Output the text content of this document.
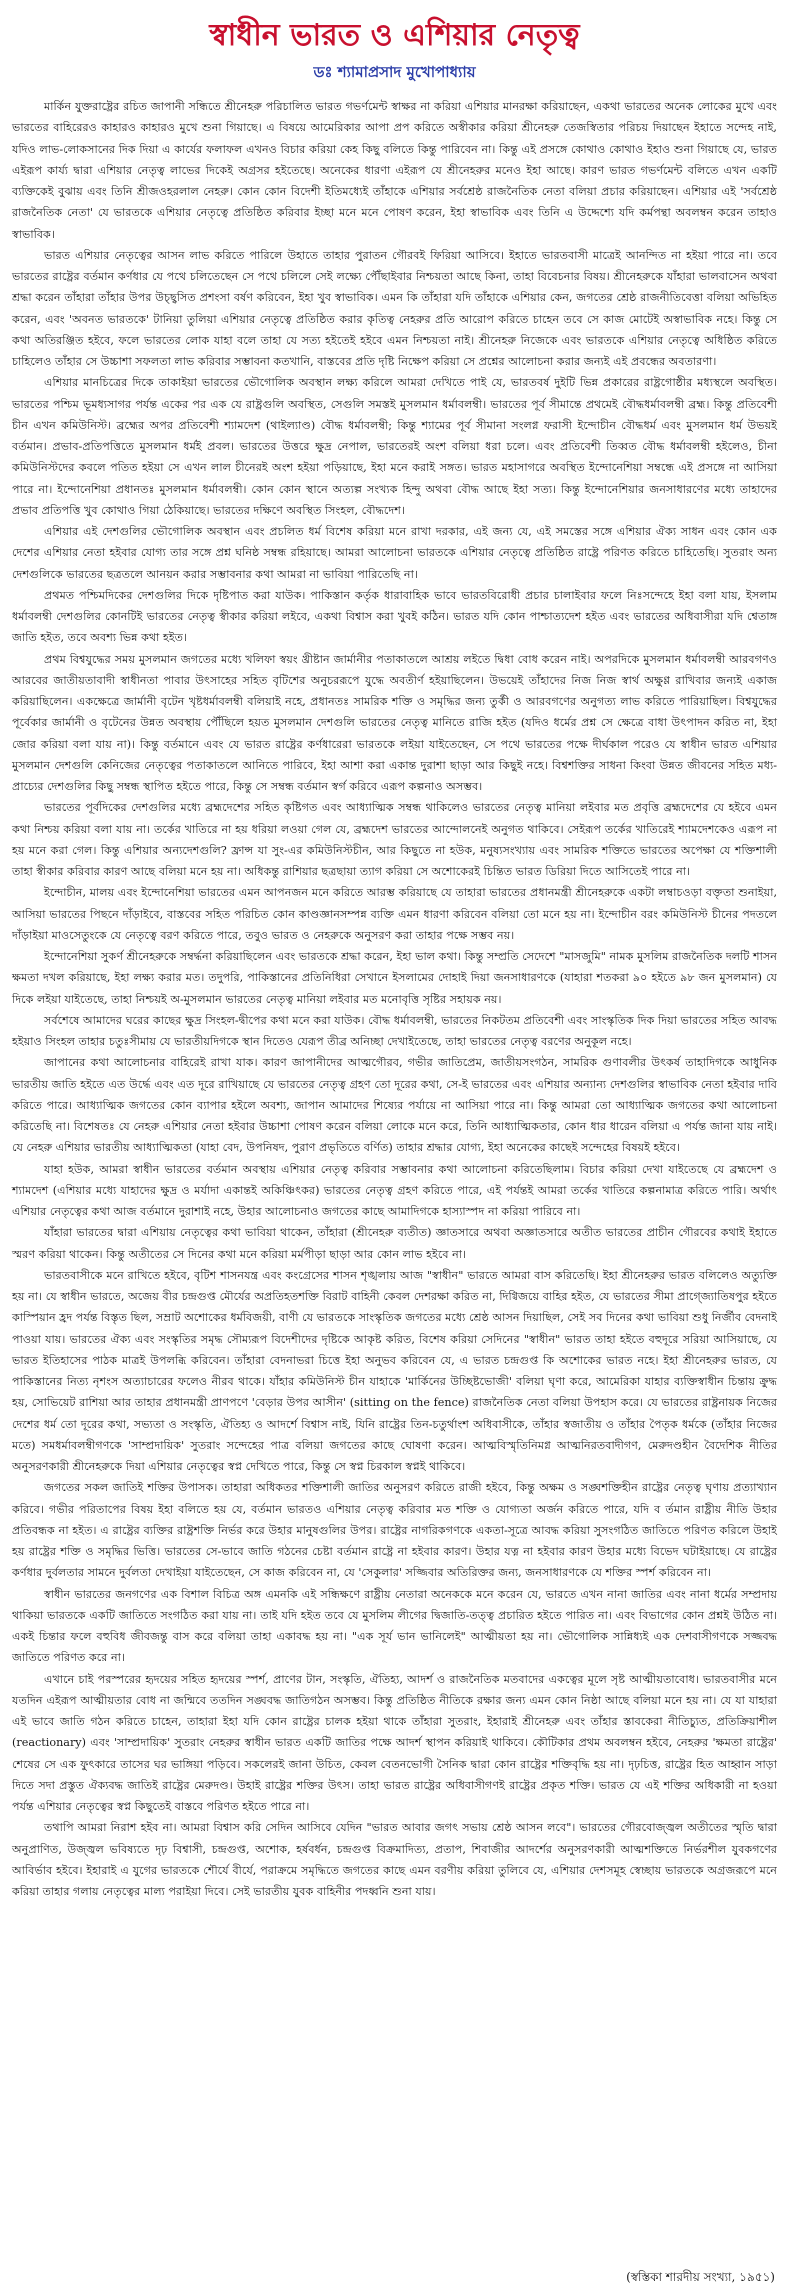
স্বাধীন ভারত ও এশিয়ার নেতৃত্ব
ডঃ শ্যামাপ্রসাদ মুখোপাধ্যায়

মার্কিন যুক্তরাষ্ট্রের রচিত জাপানী সন্ধিতে শ্রীনেহরু পরিচালিত ভারত গভর্ণমেন্ট স্বাক্ষর না করিয়া এশিয়ার মানরক্ষা করিয়াছেন, একথা ভারতের অনেক লোকের মুখে এবং ভারতের বাহিরেরও কাহারও কাহারও মুখে শুনা গিয়াছে। এ বিষয়ে আমেরিকার আপা প্রপ করিতে অস্বীকার করিয়া শ্রীনেহরু তেজস্বিতার পরিচয় দিয়াছেন ইহাতে সন্দেহ নাই, যদিও লাভ-লোকসানের দিক দিয়া এ কার্যের ফলাফল এখনও বিচার করিয়া কেহ কিছু বলিতে কিন্তু পারিবেন না। কিন্তু এই প্রসঙ্গে কোথাও কোথাও ইহাও শুনা গিয়াছে যে, ভারত এইরূপ কার্য্য দ্বারা এশিয়ার নেতৃত্ব লাভের দিকেই অগ্রসর হইতেছে। অনেকের ধারণা এইরূপ যে শ্রীনেহরুর মনেও ইহা আছে। কারণ ভারত গভর্ণমেন্ট বলিতে এখন একটি ব্যক্তিকেই বুঝায় এবং তিনি শ্রীজওহরলাল নেহরু। কোন কোন বিদেশী ইতিমধ্যেই তাঁহাকে এশিয়ার সর্বশ্রেষ্ঠ রাজনৈতিক নেতা বলিয়া প্রচার করিয়াছেন। এশিয়ার এই 'সর্বশ্রেষ্ঠ রাজনৈতিক নেতা' যে ভারতকে এশিয়ার নেতৃত্বে প্রতিষ্ঠিত করিবার ইচ্ছা মনে মনে পোষণ করেন, ইহা স্বাভাবিক এবং তিনি এ উদ্দেশ্যে যদি কর্মপন্থা অবলম্বন করেন তাহাও স্বাভাবিক।

ভারত এশিয়ার নেতৃত্বের আসন লাভ করিতে পারিলে উহাতে তাহার পুরাতন গৌরবই ফিরিয়া আসিবে। ইহাতে ভারতবাসী মাত্রেই আনন্দিত না হইয়া পারে না। তবে ভারতের রাষ্ট্রের বর্তমান কর্ণধার যে পথে চলিতেছেন সে পথে চলিলে সেই লক্ষ্যে পৌঁছাইবার নিশ্চয়তা আছে কিনা, তাহা বিবেচনার বিষয়। শ্রীনেহরুকে যাঁহারা ভালবাসেন অথবা শ্রদ্ধা করেন তাঁহারা তাঁহার উপর উচ্ছ্বসিত প্রশংসা বর্ষণ করিবেন, ইহা খুব স্বাভাবিক। এমন কি তাঁহারা যদি তাঁহাকে এশিয়ার কেন, জগতের শ্রেষ্ঠ রাজনীতিবেত্তা বলিয়া অভিহিত করেন, এবং 'অবনত ভারতকে' টানিয়া তুলিয়া এশিয়ার নেতৃত্বে প্রতিষ্ঠিত করার কৃতিত্ব নেহরুর প্রতি আরোপ করিতে চাহেন তবে সে কাজ মোটেই অস্বাভাবিক নহে। কিন্তু সে কথা অতিরঞ্জিত হইবে, ফলে ভারতের লোক যাহা বলে তাহা যে সত্য হইতেই হইবে এমন নিশ্চয়তা নাই। শ্রীনেহরু নিজেকে এবং ভারতকে এশিয়ার নেতৃত্বে অধিষ্ঠিত করিতে চাহিলেও তাঁহার সে উচ্চাশা সফলতা লাভ করিবার সম্ভাবনা কতখানি, বাস্তবের প্রতি দৃষ্টি নিক্ষেপ করিয়া সে প্রশ্নের আলোচনা করার জন্যই এই প্রবন্ধের অবতারণা।

এশিয়ার মানচিত্রের দিকে তাকাইয়া ভারতের ভৌগোলিক অবস্থান লক্ষ্য করিলে আমরা দেখিতে পাই যে, ভারতবর্ষ দুইটি ভিন্ন প্রকারের রাষ্ট্রগোষ্ঠীর মধ্যস্থলে অবস্থিত। ভারতের পশ্চিম ভূমধ্যসাগর পর্যন্ত একের পর এক যে রাষ্ট্রগুলি অবস্থিত, সেগুলি সমস্তই মুসলমান ধর্মাবলম্বী। ভারতের পূর্ব সীমান্তে প্রথমেই বৌদ্ধধর্মাবলম্বী ব্রহ্ম। কিন্তু প্রতিবেশী চীন এখন কমিউনিস্ট। ব্রহ্মের অপর প্রতিবেশী শ্যামদেশ (থাইল্যাণ্ড) বৌদ্ধ ধর্মাবলম্বী; কিন্তু শ্যামের পূর্ব সীমানা সংলগ্ন ফরাসী ইন্দোচীন বৌদ্ধধর্ম এবং মুসলমান ধর্ম উভয়ই বর্তমান। প্রভাব-প্রতিপত্তিতে মুসলমান ধর্মই প্রবল। ভারতের উত্তরে ক্ষুদ্র নেপাল, ভারতেরই অংশ বলিয়া ধরা চলে। এবং প্রতিবেশী তিব্বত বৌদ্ধ ধর্মাবলম্বী হইলেও, চীনা কমিউনিস্টদের কবলে পতিত হইয়া সে এখন লাল চীনেরই অংশ হইয়া পড়িয়াছে, ইহা মনে করাই সঙ্গত। ভারত মহাসাগরে অবস্থিত ইন্দোনেশিয়া সম্বন্ধে এই প্রসঙ্গে না আসিয়া পারে না। ইন্দোনেশিয়া প্রধানতঃ মুসলমান ধর্মাবলম্বী। কোন কোন স্থানে অত্যল্প সংখ্যক হিন্দু অথবা বৌদ্ধ আছে ইহা সত্য। কিন্তু ইন্দোনেশিয়ার জনসাধারণের মধ্যে তাহাদের প্রভাব প্রতিপত্তি খুব কোথাও গিয়া ঠেকিয়াছে। ভারতের দক্ষিণে অবস্থিত সিংহল, বৌদ্ধদেশ।

এশিয়ার এই দেশগুলির ভৌগোলিক অবস্থান এবং প্রচলিত ধর্ম বিশেষ করিয়া মনে রাখা দরকার, এই জন্য যে, এই সমস্তের সঙ্গে এশিয়ার ঐক্য সাধন এবং কোন এক দেশের এশিয়ার নেতা হইবার যোগ্য তার সঙ্গে প্রশ্ন ঘনিষ্ঠ সম্বন্ধ রহিয়াছে। আমরা আলোচনা ভারতকে এশিয়ার নেতৃত্বে প্রতিষ্ঠিত রাষ্ট্রে পরিণত করিতে চাহিতেছি। সুতরাং অন্য দেশগুলিকে ভারতের ছত্রতলে আনয়ন করার সম্ভাবনার কথা আমরা না ভাবিয়া পারিতেছি না।

প্রথমত পশ্চিমদিকের দেশগুলির দিকে দৃষ্টিপাত করা যাউক। পাকিস্তান কর্তৃক ধারাবাহিক ভাবে ভারতবিরোধী প্রচার চালাইবার ফলে নিঃসন্দেহে ইহা বলা যায়, ইসলাম ধর্মাবলম্বী দেশগুলির কোনটিই ভারতের নেতৃত্ব স্বীকার করিয়া লইবে, একথা বিশ্বাস করা খুবই কঠিন। ভারত যদি কোন পাশ্চাত্যদেশ হইত এবং ভারতের অধিবাসীরা যদি শ্বেতাঙ্গ জাতি হইত, তবে অবশ্য ভিন্ন কথা হইত।

প্রথম বিশ্বযুদ্ধের সময় মুসলমান জগতের মধ্যে খলিফা স্বয়ং খ্রীষ্টান জার্মানীর পতাকাতলে আশ্রয় লইতে দ্বিধা বোধ করেন নাই। অপরদিকে মুসলমান ধর্মাবলম্বী আরবগণও আরবের জাতীয়তাবাদী স্বাধীনতা পাবার উৎসাহের সহিত বৃটিশের অনুচররূপে যুদ্ধে অবতীর্ণ হইয়াছিলেন। উভয়েই তাঁহাদের নিজ নিজ স্বার্থ অক্ষুণ্ণ রাখিবার জন্যই একাজ করিয়াছিলেন। একক্ষেত্রে জার্মানী বৃটেন খৃষ্টধর্মাবলম্বী বলিয়াই নহে, প্রধানতঃ সামরিক শক্তি ও সমৃদ্ধির জন্য তুর্কী ও আরবগণের অনুগত্য লাভ করিতে পারিয়াছিল। বিশ্বযুদ্ধের পূর্বেকার জার্মানী ও বৃটেনের উন্নত অবস্থায় পৌঁছিলে হয়ত মুসলমান দেশগুলি ভারতের নেতৃত্ব মানিতে রাজি হইত (যদিও ধর্মের প্রশ্ন সে ক্ষেত্রে বাধা উৎপাদন করিত না, ইহা জোর করিয়া বলা যায় না)। কিন্তু বর্তমানে এবং যে ভারত রাষ্ট্রের কর্ণধারেরা ভারতকে লইয়া যাইতেছেন, সে পথে ভারতের পক্ষে দীর্ঘকাল পরেও যে স্বাধীন ভারত এশিয়ার মুসলমান দেশগুলি কেনিজের নেতৃত্বের পতাকাতলে আনিতে পারিবে, ইহা আশা করা একান্ত দুরাশা ছাড়া আর কিছুই নহে। বিশ্বশক্তির সাধনা কিংবা উন্নত জীবনের সহিত মধ্য-প্রাচ্যের দেশগুলির কিছু সম্বন্ধ স্থাপিত হইতে পারে, কিন্তু সে সম্বন্ধ বর্তমান স্বর্গ করিবে এরূপ কল্পনাও অসম্ভব।

ভারতের পূর্বদিকের দেশগুলির মধ্যে ব্রহ্মদেশের সহিত কৃষ্টিগত এবং আধ্যাত্মিক সম্বন্ধ থাকিলেও ভারতের নেতৃত্ব মানিয়া লইবার মত প্রবৃত্তি ব্রহ্মদেশের যে হইবে এমন কথা নিশ্চয় করিয়া বলা যায় না। তর্কের খাতিরে না হয় ধরিয়া লওয়া গেল যে, ব্রহ্মদেশ ভারতের আন্দোলনেই অনুগত থাকিবে। সেইরূপ তর্কের খাতিরেই শ্যামদেশকেও এরূপ না হয় মনে করা গেল। কিন্তু এশিয়ার অন্যদেশগুলি? ফ্রান্স যা সুং-এর কমিউনিস্টচীন, আর কিছুতে না হউক, মনুষ্যসংখ্যায় এবং সামরিক শক্তিতে ভারতের অপেক্ষা যে শক্তিশালী তাহা স্বীকার করিবার কারণ আছে বলিয়া মনে হয় না। অধিকন্তু রাশিয়ার ছত্রছায়া ত্যাগ করিয়া সে অশোকেরই চিন্তিত ভারত ডিরিয়া দিতে আসিতেই পারে না।

ইন্দোচীন, মালয় এবং ইন্দোনেশিয়া ভারতের এমন আপনজন মনে করিতে আরম্ভ করিয়াছে যে তাহারা ভারতের প্রধানমন্ত্রী শ্রীনেহরুকে একটা লম্বাচওড়া বক্তৃতা শুনাইয়া, আসিয়া ভারতের পিছনে দাঁড়াইবে, বাস্তবের সহিত পরিচিত কোন কাণ্ডজ্ঞানসম্পন্ন ব্যক্তি এমন ধারণা করিবেন বলিয়া তো মনে হয় না। ইন্দোচীন বরং কমিউনিস্ট চীনের পদতলে দাঁড়াইয়া মাওসেতুংকে যে নেতৃত্বে বরণ করিতে পারে, তবুও ভারত ও নেহরুকে অনুসরণ করা তাহার পক্ষে সম্ভব নয়।

ইন্দোনেশিয়া সুকর্ণ শ্রীনেহরুকে সম্বর্দ্ধনা করিয়াছিলেন এবং ভারতকে শ্রদ্ধা করেন, ইহা ভাল কথা। কিন্তু সম্প্রতি সেদেশে "মাসজুমি" নামক মুসলিম রাজনৈতিক দলটি শাসন ক্ষমতা দখল করিয়াছে, ইহা লক্ষ্য করার মত। তদুপরি, পাকিস্তানের প্রতিনিধিরা সেখানে ইসলামের দোহাই দিয়া জনসাধারণকে (যাহারা শতকরা ৯০ হইতে ৯৮ জন মুসলমান) যে দিকে লইয়া যাইতেছে, তাহা নিশ্চয়ই অ-মুসলমান ভারতের নেতৃত্ব মানিয়া লইবার মত মনোবৃত্তি সৃষ্টির সহায়ক নয়।

সর্বশেষে আমাদের ঘরের কাছের ক্ষুদ্র সিংহল-দ্বীপের কথা মনে করা যাউক। বৌদ্ধ ধর্মাবলম্বী, ভারতের নিকটতম প্রতিবেশী এবং সাংস্কৃতিক দিক দিয়া ভারতের সহিত আবদ্ধ হইয়াও সিংহল তাহার চতুঃসীমায় যে ভারতীয়দিগকে স্থান দিতেও যেরূপ তীব্র অনিচ্ছা দেখাইতেছে, তাহা ভারতের নেতৃত্ব বরণের অনুকূল নহে।

জাপানের কথা আলোচনার বাহিরেই রাখা যাক। কারণ জাপানীদের আত্মগৌরব, গভীর জাতিপ্রেম, জাতীয়সংগঠন, সামরিক গুণাবলীর উৎকর্ষ তাহাদিগকে আধুনিক ভারতীয় জাতি হইতে এত উর্দ্ধে এবং এত দূরে রাখিয়াছে যে ভারতের নেতৃত্ব গ্রহণ তো দূরের কথা, সে-ই ভারতের এবং এশিয়ার অন্যান্য দেশগুলির স্বাভাবিক নেতা হইবার দাবি করিতে পারে। আধ্যাত্মিক জগতের কোন ব্যাপার হইলে অবশ্য, জাপান আমাদের শিষ্যের পর্যায়ে না আসিয়া পারে না। কিন্তু আমরা তো আধ্যাত্মিক জগতের কথা আলোচনা করিতেছি না। বিশেষতঃ যে নেহরু এশিয়ার নেতা হইবার উচ্চাশা পোষণ করেন বলিয়া লোকে মনে করে, তিনি আধ্যাত্মিকতার, কোন ধার ধারেন বলিয়া এ পর্যন্ত জানা যায় নাই। যে নেহরু এশিয়ার ভারতীয় আধ্যাত্মিকতা (যাহা বেদ, উপনিষদ, পুরাণ প্রভৃতিতে বর্ণিত) তাহার শ্রদ্ধার যোগ্য, ইহা অনেকের কাছেই সন্দেহের বিষয়ই হইবে।

যাহা হউক, আমরা স্বাধীন ভারতের বর্তমান অবস্থায় এশিয়ার নেতৃত্ব করিবার সম্ভাবনার কথা আলোচনা করিতেছিলাম। বিচার করিয়া দেখা যাইতেছে যে ব্রহ্মদেশ ও শ্যামদেশ (এশিয়ার মধ্যে যাহাদের ক্ষুদ্র ও মর্যাদা একান্তই অকিঞ্চিৎকর) ভারতের নেতৃত্ব গ্রহণ করিতে পারে, এই পর্যন্তই আমরা তর্কের খাতিরে কল্পনামাত্র করিতে পারি। অর্থাৎ এশিয়ার নেতৃত্বের কথা আজ বর্তমানে দুরাশাই নহে, উহার আলোচনাও জগতের কাছে আমাদিগকে হাস্যাস্পদ না করিয়া পারিবে না।

যাঁহারা ভারতের দ্বারা এশিয়ায় নেতৃত্বের কথা ভাবিয়া থাকেন, তাঁহারা (শ্রীনেহরু ব্যতীত) জ্ঞাতসারে অথবা অজ্ঞাতসারে অতীত ভারতের প্রাচীন গৌরবের কথাই ইহাতে স্মরণ করিয়া থাকেন। কিন্তু অতীতের সে দিনের কথা মনে করিয়া মর্মপীড়া ছাড়া আর কোন লাভ হইবে না।

ভারতবাসীকে মনে রাখিতে হইবে, বৃটিশ শাসনযন্ত্র এবং কংগ্রেসের শাসন শৃঙ্খলায় আজ "স্বাধীন" ভারতে আমরা বাস করিতেছি। ইহা শ্রীনেহরুর ভারত বলিলেও অত্যুক্তি হয় না। যে স্বাধীন ভারতে, অজেয় বীর চন্দ্রগুপ্ত মৌর্যের অপ্রতিহতশক্তি বিরাট বাহিনী কেবল দেশরক্ষা করিত না, দিগ্বিজয়ে বাহির হইত, যে ভারতের সীমা প্রাগ্জ্যোতিষপুর হইতে কাস্পিয়ান হ্রদ পর্যন্ত বিস্তৃত ছিল, সম্রাট অশোকের ধর্মবিজয়ী, বাণী যে ভারতকে সাংস্কৃতিক জগতের মধ্যে শ্রেষ্ঠ আসন দিয়াছিল, সেই সব দিনের কথা ভাবিয়া শুধু নির্জীব বেদনাই পাওয়া যায়। ভারতের ঐক্য এবং সংস্কৃতির সমৃদ্ধ সৌম্যরূপ বিদেশীদের দৃষ্টিকে আকৃষ্ট করিত, বিশেষ করিয়া সেদিনের "স্বাধীন" ভারত তাহা হইতে বহুদূরে সরিয়া আসিয়াছে, যে ভারত ইতিহাসের পাঠক মাত্রই উপলব্ধি করিবেন। তাঁহারা বেদনাভরা চিত্তে ইহা অনুভব করিবেন যে, এ ভারত চন্দ্রগুপ্ত কি অশোকের ভারত নহে। ইহা শ্রীনেহরুর ভারত, যে পাকিস্তানের নিত্য নৃশংস অত্যাচারের ফলেও নীরব থাকে। যাঁহার কমিউনিস্ট চীন যাহাকে 'মার্কিনের উচ্ছিষ্টভোজী' বলিয়া ঘৃণা করে, আমেরিকা যাহার ব্যক্তিস্বাধীন চিন্তায় ক্রুদ্ধ হয়, সোভিয়েট রাশিয়া আর তাহার প্রধানমন্ত্রী প্রাণপণে 'বেড়ার উপর আসীন' (sitting on the fence) রাজনৈতিক নেতা বলিয়া উপহাস করে। যে ভারতের রাষ্ট্রনায়ক নিজের দেশের ধর্ম তো দূরের কথা, সভ্যতা ও সংস্কৃতি, ঐতিহ্য ও আদর্শে বিশ্বাস নাই, যিনি রাষ্ট্রের তিন-চতুর্থাংশ অধিবাসীকে, তাঁহার স্বজাতীয় ও তাঁহার পৈতৃক ধর্মকে (তাঁহার নিজের মতে) সমধর্মাবলম্বীগণকে 'সাম্প্রদায়িক' সুতরাং সন্দেহের পাত্র বলিয়া জগতের কাছে ঘোষণা করেন। আত্মবিস্মৃতিনিমগ্ন আত্মনিরতবাদীগণ, মেরুদণ্ডহীন বৈদেশিক নীতির অনুসরণকারী শ্রীনেহরুকে দিয়া এশিয়ার নেতৃত্বের স্বপ্ন দেখিতে পারে, কিন্তু সে স্বপ্ন চিরকাল স্বপ্নই থাকিবে।

জগতের সকল জাতিই শক্তির উপাসক। তাহারা অধিকতর শক্তিশালী জাতির অনুসরণ করিতে রাজী হইবে, কিন্তু অক্ষম ও সঙ্ঘশক্তিহীন রাষ্ট্রের নেতৃত্ব ঘৃণায় প্রত্যাখ্যান করিবে। গভীর পরিতাপের বিষয় ইহা বলিতে হয় যে, বর্তমান ভারতও এশিয়ার নেতৃত্ব করিবার মত শক্তি ও যোগ্যতা অর্জন করিতে পারে, যদি ব র্তমান রাষ্ট্রীয় নীতি উহার প্রতিবন্ধক না হইত। এ রাষ্ট্রের ব্যক্তির রাষ্ট্রশক্তি নির্ভর করে উহার মানুষগুলির উপর। রাষ্ট্রের নাগরিকগণকে একতা-সূত্রে আবদ্ধ করিয়া সুসংগঠিত জাতিতে পরিণত করিলে উহাই হয় রাষ্ট্রের শক্তি ও সমৃদ্ধির ভিত্তি। ভারতের সে-ভাবে জাতি গঠনের চেষ্টা বর্তমান রাষ্ট্রে না হইবার কারণ। উহার যত্ন না হইবার কারণ উহার মধ্যে বিভেদ ঘটাইয়াছে। যে রাষ্ট্রের কর্ণধার দুর্বলতার সামনে দুর্বলতা দেখাইয়া যাইতেছেন, সে কাজ করিবেন না, যে 'সেকুলার' সজ্জিবার অতিরিক্তর জন্য, জনসাধারণকে যে শক্তির স্পর্শ করিবেন না।

স্বাধীন ভারতের জনগণের এক বিশাল বিচিত্র অঙ্গ এমনকি এই সন্ধিক্ষণে রাষ্ট্রীয় নেতারা অনেককে মনে করেন যে, ভারতে এখন নানা জাতির এবং নানা ধর্মের সম্প্রদায় থাকিয়া ভারতকে একটি জাতিতে সংগঠিত করা যায় না। তাই যদি হইত তবে যে মুসলিম লীগের দ্বিজাতি-তত্ত্ব প্রচারিত হইতে পারিত না। এবং বিভাগের কোন প্রশ্নই উঠিত না। একই চিন্তার ফলে বহুবিধ জীবজন্তু বাস করে বলিয়া তাহা একাবদ্ধ হয় না। "এক সূর্য ভান ভানিলেই" আত্মীয়তা হয় না। ভৌগোলিক সান্নিধ্যই এক দেশবাসীগণকে সজ্জবদ্ধ জাতিতে পরিণত করে না।

এখানে চাই পরস্পরের হৃদয়ের সহিত হৃদয়ের স্পর্শ, প্রাণের টান, সংস্কৃতি, ঐতিহ্য, আদর্শ ও রাজনৈতিক মতবাদের একত্বের মূলে সৃষ্ট আত্মীয়তাবোধ। ভারতবাসীর মনে যতদিন এইরূপ আত্মীয়তার বোধ না জন্মিবে ততদিন সঙ্ঘবদ্ধ জাতিগঠন অসম্ভব। কিন্তু প্রতিষ্ঠিত নীতিকে রক্ষার জন্য এমন কোন নিষ্ঠা আছে বলিয়া মনে হয় না। যে যা যাহারা এই ভাবে জাতি গঠন করিতে চাহেন, তাহারা ইহা যদি কোন রাষ্ট্রের চালক হইয়া থাকে তাঁহারা সুতরাং, ইহারাই শ্রীনেহরু এবং তাঁহার স্তাবকেরা নীতিচ্যুত, প্রতিক্রিয়াশীল (reactionary) এবং 'সাম্প্রদায়িক' সুতরাং নেহরুর স্বাধীন ভারত একটি জাতির পক্ষে আদর্শ স্থাপন করিয়াই থাকিবে। কৌটিকার প্রথম অবলম্বন হইবে, নেহরুর 'ক্ষমতা রাষ্ট্রের' শেষের সে এক ফুৎকারে তাসের ঘর ভাঙ্গিয়া পড়িবে। সকলেরই জানা উচিত, কেবল বেতনভোগী সৈনিক দ্বারা কোন রাষ্ট্রের শক্তিবৃদ্ধি হয় না। দৃঢ়চিত্ত, রাষ্ট্রের হিত আহ্বান সাড়া দিতে সদা প্রস্তুত ঐক্যবদ্ধ জাতিই রাষ্ট্রের মেরুদণ্ড। উহাই রাষ্ট্রের শক্তির উৎস। তাহা ভারত রাষ্ট্রের অধিবাসীগণই রাষ্ট্রের প্রকৃত শক্তি। ভারত যে এই শক্তির অধিকারী না হওয়া পর্যন্ত এশিয়ার নেতৃত্বের স্বপ্ন কিছুতেই বাস্তবে পরিণত হইতে পারে না।

তথাপি আমরা নিরাশ হইব না। আমরা বিশ্বাস করি সেদিন আসিবে যেদিন "ভারত আবার জগৎ সভায় শ্রেষ্ঠ আসন লবে"। ভারতের গৌরবোজ্জ্বল অতীতের স্মৃতি দ্বারা অনুপ্রাণিত, উজ্জ্বল ভবিষ্যতে দৃঢ় বিশ্বাসী, চন্দ্রগুপ্ত, অশোক, হর্ষবর্ধন, চন্দ্রগুপ্ত বিক্রমাদিত্য, প্রতাপ, শিবাজীর আদর্শের অনুসরণকারী আত্মশক্তিতে নির্ভরশীল যুবকগণের আবির্ভাব হইবে। ইহারাই এ যুগের ভারতকে শৌর্যে বীর্যে, পরাক্রমে সমৃদ্ধিতে জগতের কাছে এমন বরণীয় করিয়া তুলিবে যে, এশিয়ার দেশসমূহ স্বেচ্ছায় ভারতকে অগ্রজরূপে মনে করিয়া তাহার গলায় নেতৃত্বের মাল্য পরাইয়া দিবে। সেই ভারতীয় যুবক বাহিনীর পদধ্বনি শুনা যায়।

(স্বস্তিকা শারদীয় সংখ্যা, ১৯৫১)
